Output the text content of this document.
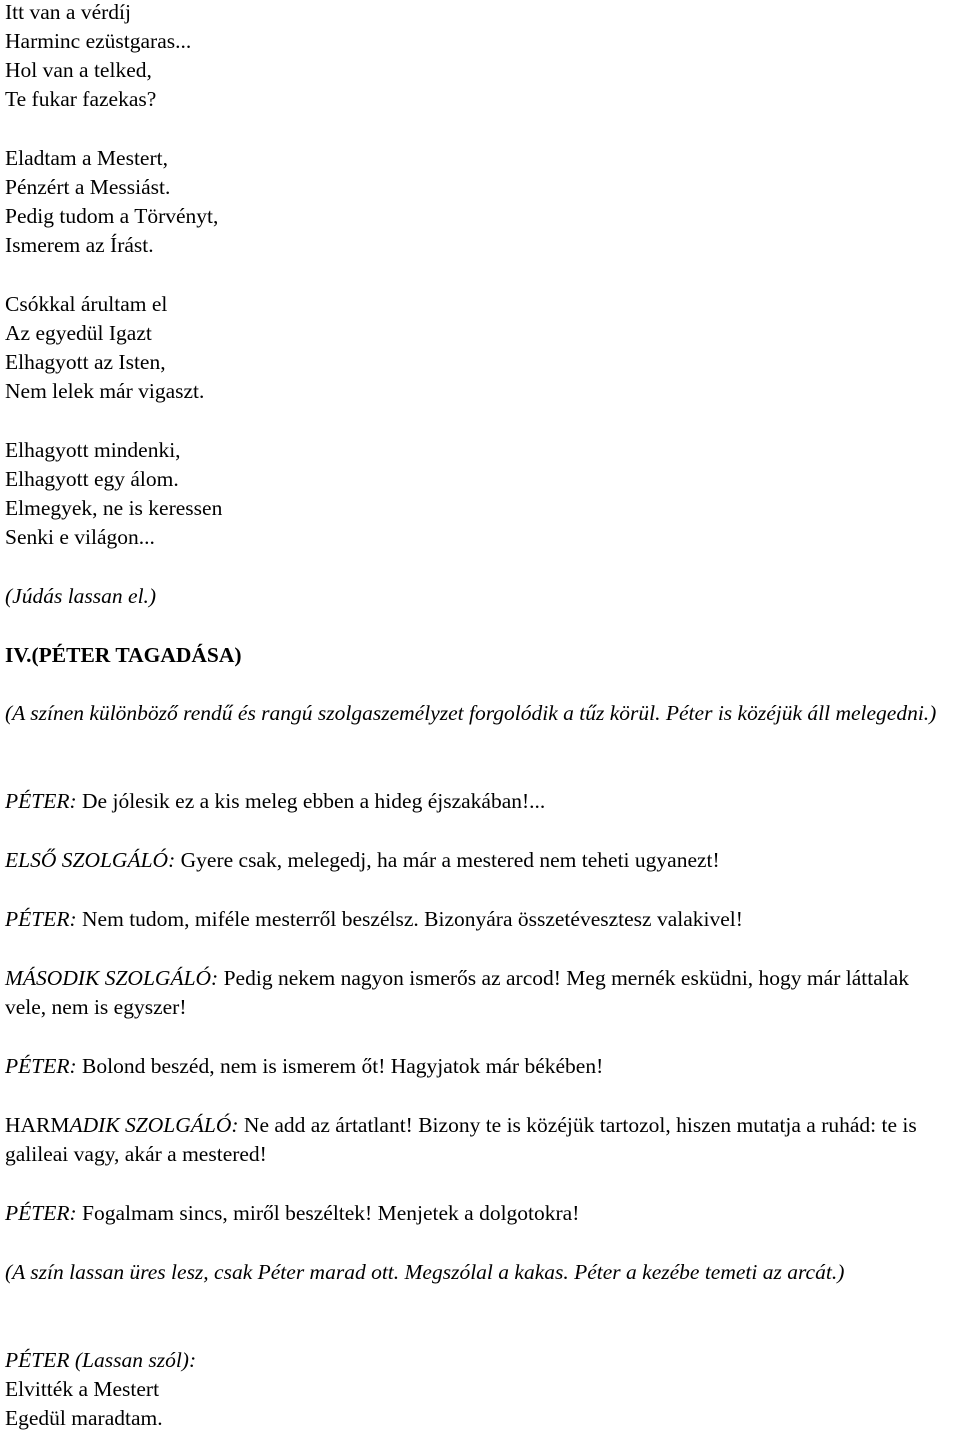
Itt van a vérdíj
Harminc ezüstgaras...
Hol van a telked,
Te fukar fazekas?
Eladtam a Mestert,
Pénzért a Messiást.
Pedig tudom a Törvényt,
Ismerem az Írást.
Csókkal árultam el
Az egyedül Igazt
Elhagyott az Isten,
Nem lelek már vigaszt.
Elhagyott mindenki,
Elhagyott egy álom.
Elmegyek, ne is keressen
Senki e világon...
(Júdás lassan el.)
IV.(PÉTER TAGADÁSA)
(A színen különböző rendű és rangú szolgaszemélyzet forgolódik a tűz körül. Péter is közéjük áll melegedni.)
PÉTER: De jólesik ez a kis meleg ebben a hideg éjszakában!...
ELSŐ SZOLGÁLÓ: Gyere csak, melegedj, ha már a mestered nem teheti ugyanezt!
PÉTER: Nem tudom, miféle mesterről beszélsz. Bizonyára összetévesztesz valakivel!
MÁSODIK SZOLGÁLÓ: Pedig nekem nagyon ismerős az arcod! Meg mernék esküdni, hogy már láttalak vele, nem is egyszer!
PÉTER: Bolond beszéd, nem is ismerem őt! Hagyjatok már békében!
HARMADIK SZOLGÁLÓ: Ne add az ártatlant! Bizony te is közéjük tartozol, hiszen mutatja a ruhád: te is galileai vagy, akár a mestered!
PÉTER: Fogalmam sincs, miről beszéltek! Menjetek a dolgotokra!
(A szín lassan üres lesz, csak Péter marad ott. Megszólal a kakas. Péter a kezébe temeti az arcát.)
PÉTER (Lassan szól):
Elvitték a Mestert
Egedül maradtam.
